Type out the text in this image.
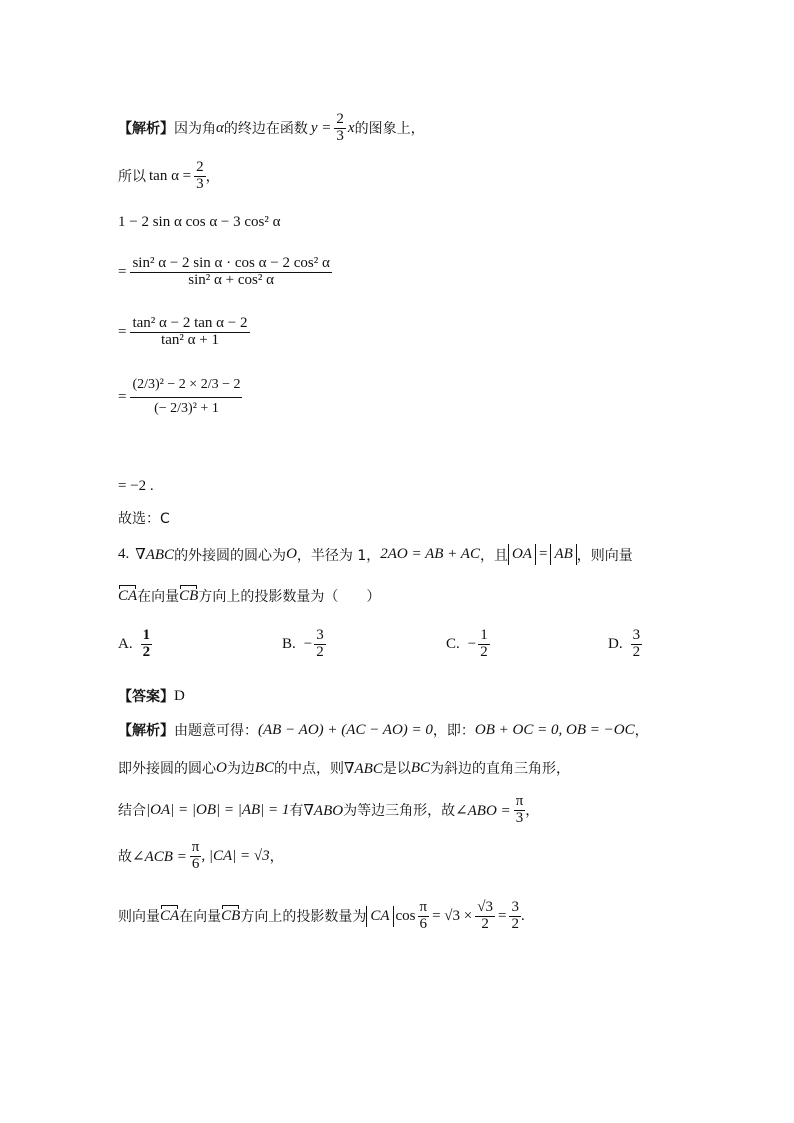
【解析】 因为角 α 的终边在函数 $y = \frac{2}{3}$ x 的图象上，
所以 $\tan \alpha = \frac{2}{3}$ ，
1 − 2 sin α cos α − 3 cos² α
= $\frac{\text{sin² α − 2 sin α · cos α − 2 cos² α}}{\text{sin² α + cos² α}}$
= $\frac{\text{tan² α − 2 tan α − 2}}{\text{tan² α + 1}}$
= $\frac{\text{(2/3)² − 2 × 2/3 − 2}}{\text{(− 2/3)² + 1}}$
= −2 .
故选：C
4. ∇ABC 的外接圆的圆心为 O ，半径为 1， 2AO = AB + AC ，且 OA = AB ，则向量
CA 在向量 CB 方向上的投影数量为（　　）
A. $\frac{1}{2}$	B. − $\frac{3}{2}$	C. − $\frac{1}{2}$	D. $\frac{3}{2}$
【答案】 D
【解析】 由题意可得： (AB − AO) + (AC − AO) = 0 ，即： OB + OC = 0, OB = −OC ，
即外接圆的圆心 O 为边 BC 的中点，则 ∇ABC 是以 BC 为斜边的直角三角形，
结合 |OA| = |OB| = |AB| = 1 有 ∇ABO 为等边三角形，故 ∠ABO = $\frac{\pi}{3}$ ，
故 ∠ACB = $\frac{\pi}{6}$ , |CA| = √3 ，
则向量 CA 在向量 CB 方向上的投影数量为 CA $\cos \frac{\pi}{6} = √3 \times \frac{√3}{2} = \frac{3}{2}$ .
